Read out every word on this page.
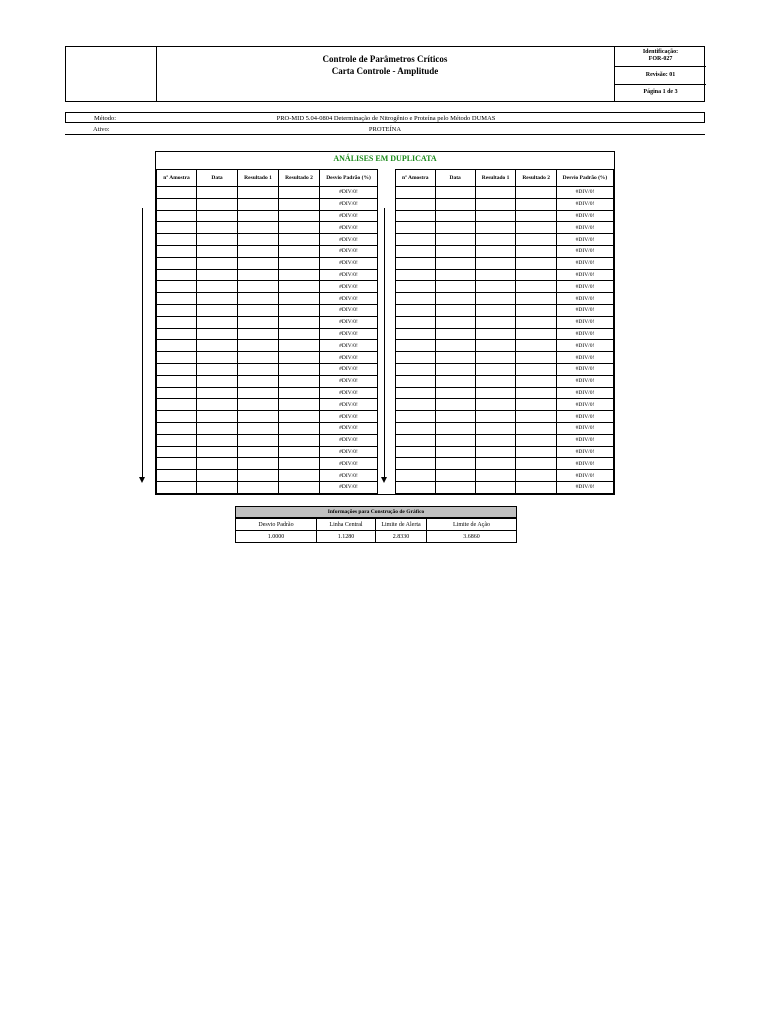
Controle de Parâmetros Críticos
Carta Controle - Amplitude
Identificação:
FOR-027
Revisão: 01
Página 1 de 3
Método:	PRO-MID 5.04-0804 Determinação de Nitrogênio e Proteína pelo Método DUMAS
Ativo:	PROTEÍNA
ANÁLISES EM DUPLICATA
nº Amostra	Data	Resultado 1	Resultado 2	Desvio Padrão (%)
				#DIV/0!
				#DIV/0!
				#DIV/0!
				#DIV/0!
				#DIV/0!
				#DIV/0!
				#DIV/0!
				#DIV/0!
				#DIV/0!
				#DIV/0!
				#DIV/0!
				#DIV/0!
				#DIV/0!
				#DIV/0!
				#DIV/0!
				#DIV/0!
				#DIV/0!
				#DIV/0!
				#DIV/0!
				#DIV/0!
				#DIV/0!
				#DIV/0!
				#DIV/0!
				#DIV/0!
				#DIV/0!
				#DIV/0!
nº Amostra	Data	Resultado 1	Resultado 2	Desvio Padrão (%)
				#DIV/0!
				#DIV/0!
				#DIV/0!
				#DIV/0!
				#DIV/0!
				#DIV/0!
				#DIV/0!
				#DIV/0!
				#DIV/0!
				#DIV/0!
				#DIV/0!
				#DIV/0!
				#DIV/0!
				#DIV/0!
				#DIV/0!
				#DIV/0!
				#DIV/0!
				#DIV/0!
				#DIV/0!
				#DIV/0!
				#DIV/0!
				#DIV/0!
				#DIV/0!
				#DIV/0!
				#DIV/0!
				#DIV/0!
Informações para Construção de Gráfico
Desvio Padrão	Linha Central	Limite de Alerta	Limite de Ação
1.0000	1.1280	2.8330	3.6860
